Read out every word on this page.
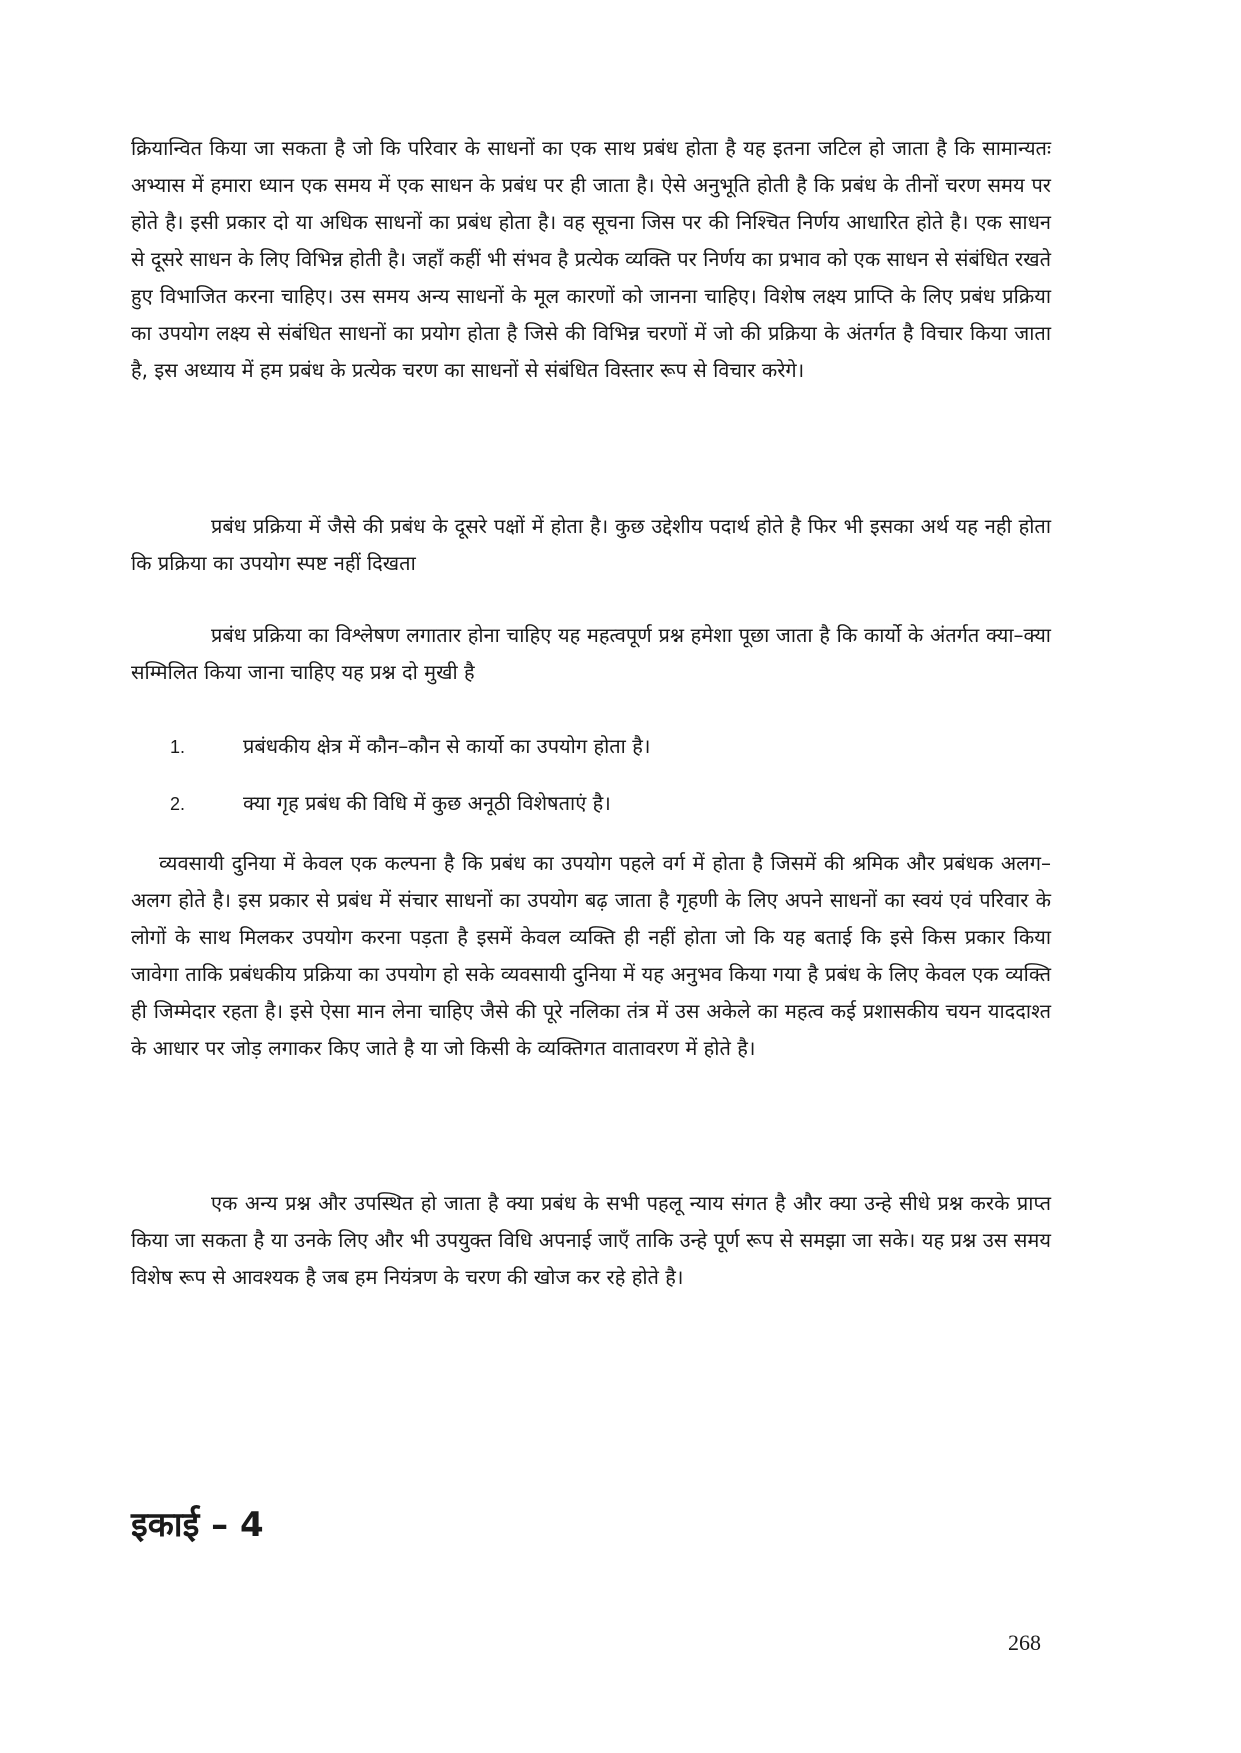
क्रियान्वित किया जा सकता है जो कि परिवार के साधनों का एक साथ प्रबंध होता है यह इतना जटिल हो जाता है कि सामान्यतः अभ्यास में हमारा ध्यान एक समय में एक साधन के प्रबंध पर ही जाता है। ऐसे अनुभूति होती है कि प्रबंध के तीनों चरण समय पर होते है। इसी प्रकार दो या अधिक साधनों का प्रबंध होता है। वह सूचना जिस पर की निश्चित निर्णय आधारित होते है। एक साधन से दूसरे साधन के लिए विभिन्न होती है। जहाँ कहीं भी संभव है प्रत्येक व्यक्ति पर निर्णय का प्रभाव को एक साधन से संबंधित रखते हुए विभाजित करना चाहिए। उस समय अन्य साधनों के मूल कारणों को जानना चाहिए। विशेष लक्ष्य प्राप्ति के लिए प्रबंध प्रक्रिया का उपयोग लक्ष्य से संबंधित साधनों का प्रयोग होता है जिसे की विभिन्न चरणों में जो की प्रक्रिया के अंतर्गत है विचार किया जाता है, इस अध्याय में हम प्रबंध के प्रत्येक चरण का साधनों से संबंधित विस्तार रूप से विचार करेगे।

प्रबंध प्रक्रिया में जैसे की प्रबंध के दूसरे पक्षों में होता है। कुछ उद्देशीय पदार्थ होते है फिर भी इसका अर्थ यह नही होता कि प्रक्रिया का उपयोग स्पष्ट नहीं दिखता

प्रबंध प्रक्रिया का विश्लेषण लगातार होना चाहिए यह महत्वपूर्ण प्रश्न हमेशा पूछा जाता है कि कार्यो के अंतर्गत क्या–क्या सम्मिलित किया जाना चाहिए यह प्रश्न दो मुखी है

1.	प्रबंधकीय क्षेत्र में कौन–कौन से कार्यो का उपयोग होता है।

2.	क्या गृह प्रबंध की विधि में कुछ अनूठी विशेषताएं है।

व्यवसायी दुनिया में केवल एक कल्पना है कि प्रबंध का उपयोग पहले वर्ग में होता है जिसमें की श्रमिक और प्रबंधक अलग–अलग होते है। इस प्रकार से प्रबंध में संचार साधनों का उपयोग बढ़ जाता है गृहणी के लिए अपने साधनों का स्वयं एवं परिवार के लोगों के साथ मिलकर उपयोग करना पड़ता है इसमें केवल व्यक्ति ही नहीं होता जो कि यह बताई कि इसे किस प्रकार किया जावेगा ताकि प्रबंधकीय प्रक्रिया का उपयोग हो सके व्यवसायी दुनिया में यह अनुभव किया गया है प्रबंध के लिए केवल एक व्यक्ति ही जिम्मेदार रहता है। इसे ऐसा मान लेना चाहिए जैसे की पूरे नलिका तंत्र में उस अकेले का महत्व कई प्रशासकीय चयन याददाश्त के आधार पर जोड़ लगाकर किए जाते है या जो किसी के व्यक्तिगत वातावरण में होते है।

एक अन्य प्रश्न और उपस्थित हो जाता है क्या प्रबंध के सभी पहलू न्याय संगत है और क्या उन्हे सीधे प्रश्न करके प्राप्त किया जा सकता है या उनके लिए और भी उपयुक्त विधि अपनाई जाएँ ताकि उन्हे पूर्ण रूप से समझा जा सके। यह प्रश्न उस समय विशेष रूप से आवश्यक है जब हम नियंत्रण के चरण की खोज कर रहे होते है।

इकाई – 4

268
